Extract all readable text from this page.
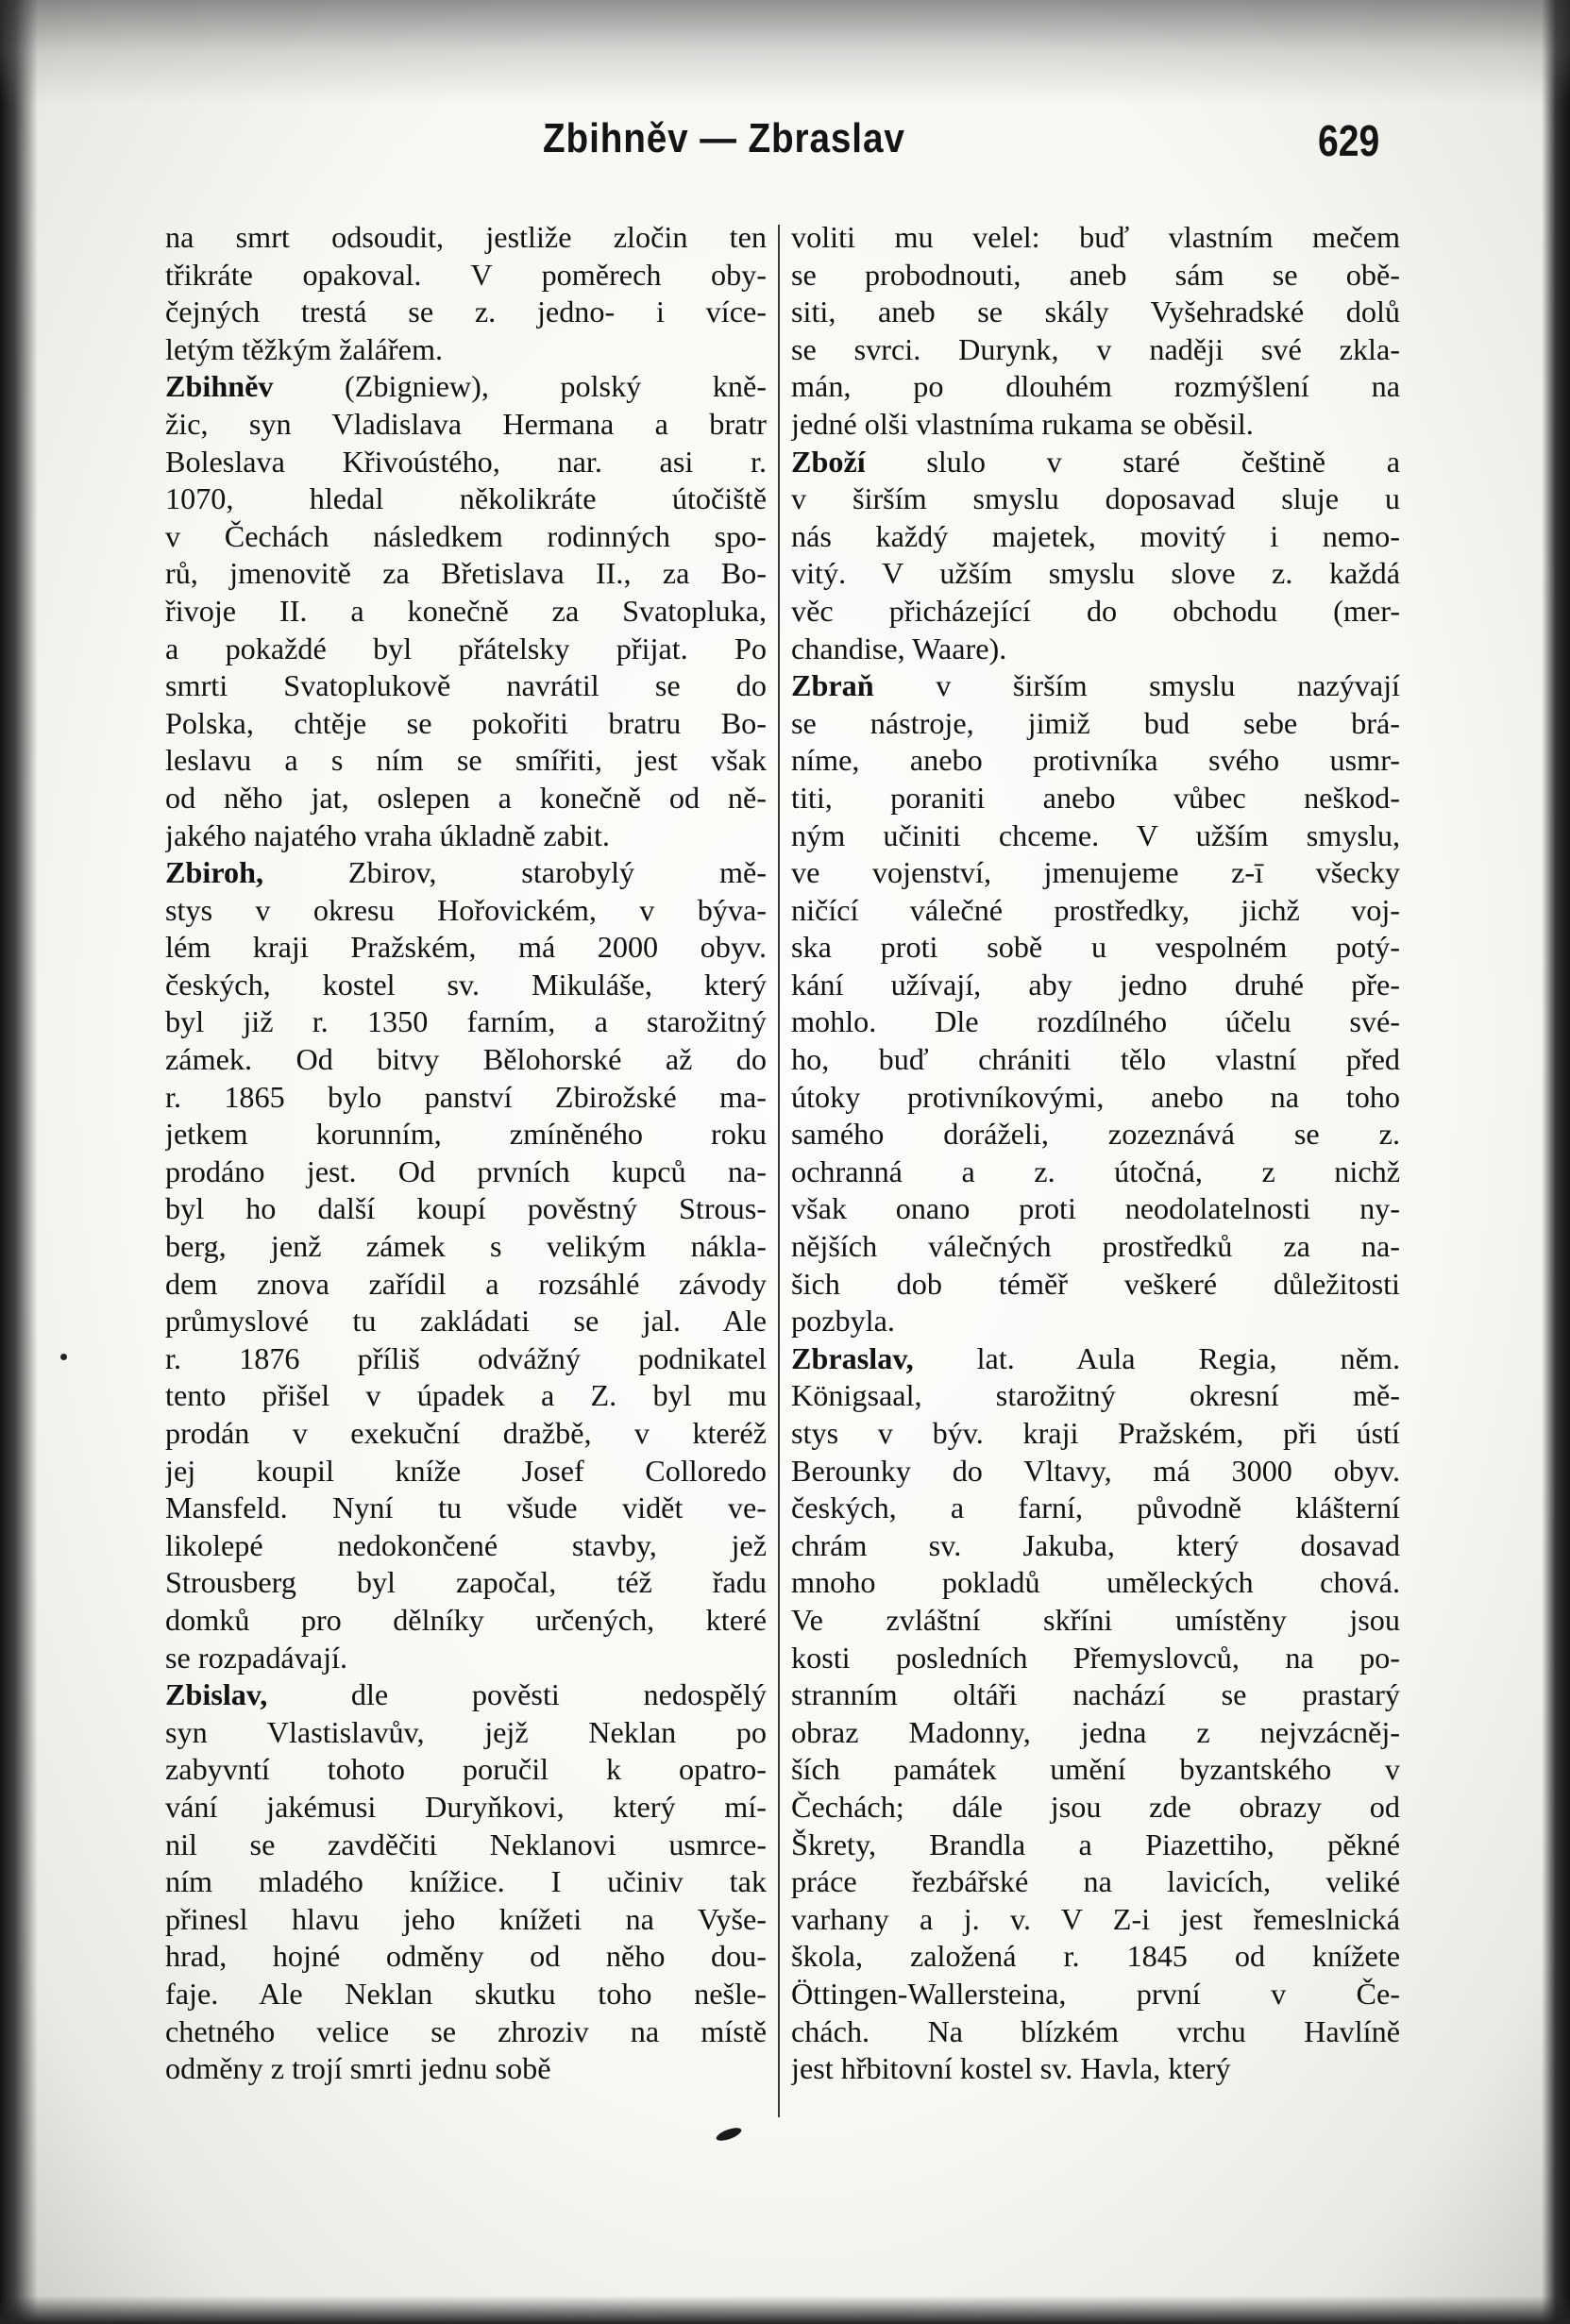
Zbihněv — Zbraslav	629
na smrt odsoudit, jestliže zločin ten
třikráte opakoval. V poměrech oby-
čejných trestá se z. jedno- i více-
letým těžkým žalářem.
Zbihněv (Zbigniew), polský kně-
žic, syn Vladislava Hermana a bratr
Boleslava Křivoústého, nar. asi r.
1070, hledal několikráte útočiště
v Čechách následkem rodinných spo-
rů, jmenovitě za Břetislava II., za Bo-
řivoje II. a konečně za Svatopluka,
a pokaždé byl přátelsky přijat. Po
smrti Svatoplukově navrátil se do
Polska, chtěje se pokořiti bratru Bo-
leslavu a s ním se smířiti, jest však
od něho jat, oslepen a konečně od ně-
jakého najatého vraha úkladně zabit.
Zbiroh, Zbirov, starobylý mě-
stys v okresu Hořovickém, v býva-
lém kraji Pražském, má 2000 obyv.
českých, kostel sv. Mikuláše, který
byl již r. 1350 farním, a starožitný
zámek. Od bitvy Bělohorské až do
r. 1865 bylo panství Zbirožské ma-
jetkem korunním, zmíněného roku
prodáno jest. Od prvních kupců na-
byl ho další koupí pověstný Strous-
berg, jenž zámek s velikým nákla-
dem znova zařídil a rozsáhlé závody
průmyslové tu zakládati se jal. Ale
r. 1876 příliš odvážný podnikatel
tento přišel v úpadek a Z. byl mu
prodán v exekuční dražbě, v kteréž
jej koupil kníže Josef Colloredo
Mansfeld. Nyní tu všude vidět ve-
likolepé nedokončené stavby, jež
Strousberg byl započal, též řadu
domků pro dělníky určených, které
se rozpadávají.
Zbislav, dle pověsti nedospělý
syn Vlastislavův, jejž Neklan po
zabyvntí tohoto poručil k opatro-
vání jakémusi Duryňkovi, který mí-
nil se zavděčiti Neklanovi usmrce-
ním mladého knížice. I učiniv tak
přinesl hlavu jeho knížeti na Vyše-
hrad, hojné odměny od něho dou-
faje. Ale Neklan skutku toho nešle-
chetného velice se zhroziv na místě
odměny z trojí smrti jednu sobě
voliti mu velel: buď vlastním mečem
se probodnouti, aneb sám se obě-
siti, aneb se skály Vyšehradské dolů
se svrci. Durynk, v naději své zkla-
mán, po dlouhém rozmýšlení na
jedné olši vlastníma rukama se oběsil.
Zboží slulo v staré češtině a
v širším smyslu doposavad sluje u
nás každý majetek, movitý i nemo-
vitý. V užším smyslu slove z. každá
věc přicházející do obchodu (mer-
chandise, Waare).
Zbraň v širším smyslu nazývají
se nástroje, jimiž bud sebe brá-
níme, anebo protivníka svého usmr-
titi, poraniti anebo vůbec neškod-
ným učiniti chceme. V užším smyslu,
ve vojenství, jmenujeme z-ī všecky
ničící válečné prostředky, jichž voj-
ska proti sobě u vespolném potý-
kání užívají, aby jedno druhé pře-
mohlo. Dle rozdílného účelu své-
ho, buď chrániti tělo vlastní před
útoky protivníkovými, anebo na toho
samého doráželi, zozeznává se z.
ochranná a z. útočná, z nichž
však onano proti neodolatelnosti ny-
nějších válečných prostředků za na-
šich dob téměř veškeré důležitosti
pozbyla.
Zbraslav, lat. Aula Regia, něm.
Königsaal, starožitný okresní mě-
stys v býv. kraji Pražském, při ústí
Berounky do Vltavy, má 3000 obyv.
českých, a farní, původně klášterní
chrám sv. Jakuba, který dosavad
mnoho pokladů uměleckých chová.
Ve zvláštní skříni umístěny jsou
kosti posledních Přemyslovců, na po-
stranním oltáři nachází se prastarý
obraz Madonny, jedna z nejvzácněj-
ších památek umění byzantského v
Čechách; dále jsou zde obrazy od
Škrety, Brandla a Piazettiho, pěkné
práce řezbářské na lavicích, veliké
varhany a j. v. V Z-i jest řemeslnická
škola, založená r. 1845 od knížete
Öttingen-Wallersteina, první v Če-
chách. Na blízkém vrchu Havlíně
jest hřbitovní kostel sv. Havla, který
